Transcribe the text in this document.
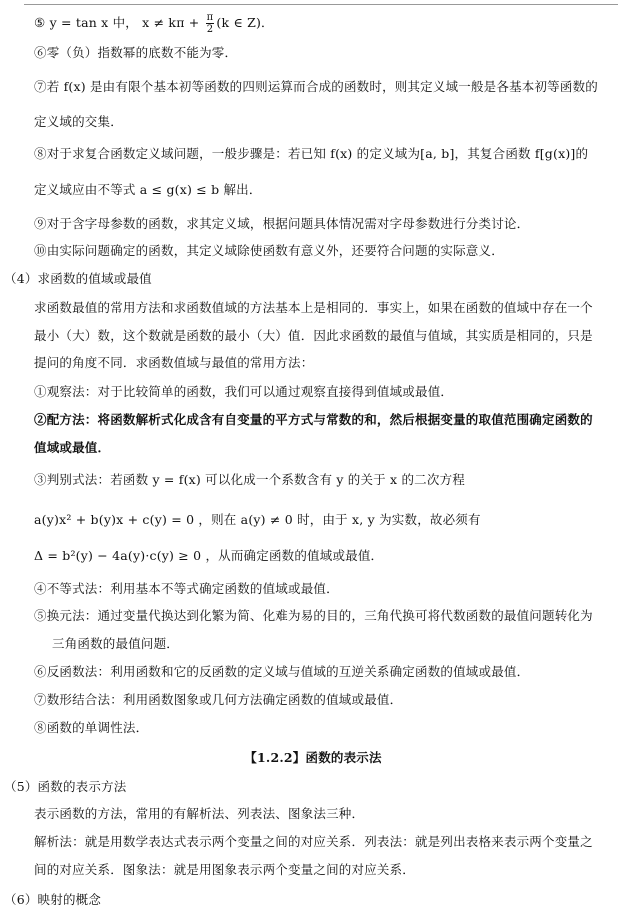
⑤ y = tan x 中， $x \ne k\pi + \frac{\pi}{2} (k$ ∈ Z)．
⑥零（负）指数幂的底数不能为零．
⑦若 f(x) 是由有限个基本初等函数的四则运算而合成的函数时，则其定义域一般是各基本初等函数的
定义域的交集．
⑧对于求复合函数定义域问题，一般步骤是：若已知 f(x) 的定义域为[a, b]，其复合函数 f[g(x)]的
定义域应由不等式 a ≤ g(x) ≤ b 解出．
⑨对于含字母参数的函数，求其定义域，根据问题具体情况需对字母参数进行分类讨论．
⑩由实际问题确定的函数，其定义域除使函数有意义外，还要符合问题的实际意义．
（4）求函数的值域或最值
求函数最值的常用方法和求函数值域的方法基本上是相同的．事实上，如果在函数的值域中存在一个
最小（大）数，这个数就是函数的最小（大）值．因此求函数的最值与值域，其实质是相同的，只是
提问的角度不同．求函数值域与最值的常用方法：
①观察法：对于比较简单的函数，我们可以通过观察直接得到值域或最值．
②配方法：将函数解析式化成含有自变量的平方式与常数的和，然后根据变量的取值范围确定函数的
值域或最值．
③判别式法：若函数 y = f(x) 可以化成一个系数含有 y 的关于 x 的二次方程
a(y)x² + b(y)x + c(y) = 0 ，则在 a(y) ≠ 0 时，由于 x, y 为实数，故必须有
Δ = b²(y) − 4a(y)·c(y) ≥ 0 ，从而确定函数的值域或最值．
④不等式法：利用基本不等式确定函数的值域或最值．
⑤换元法：通过变量代换达到化繁为简、化难为易的目的，三角代换可将代数函数的最值问题转化为
三角函数的最值问题．
⑥反函数法：利用函数和它的反函数的定义域与值域的互逆关系确定函数的值域或最值．
⑦数形结合法：利用函数图象或几何方法确定函数的值域或最值．
⑧函数的单调性法．
【1.2.2】函数的表示法
（5）函数的表示方法
表示函数的方法，常用的有解析法、列表法、图象法三种．
解析法：就是用数学表达式表示两个变量之间的对应关系．列表法：就是列出表格来表示两个变量之
间的对应关系．图象法：就是用图象表示两个变量之间的对应关系．
（6）映射的概念
